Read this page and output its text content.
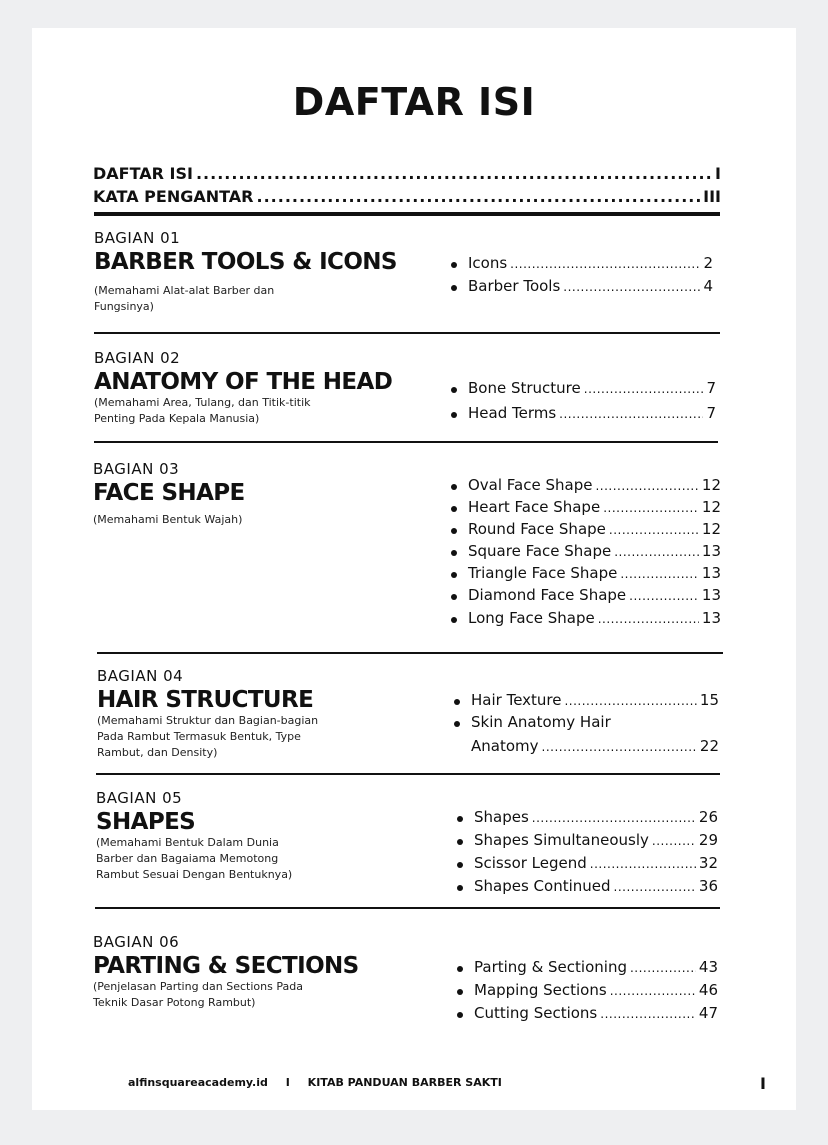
DAFTAR ISI
DAFTAR ISI .....	I
KATA PENGANTAR .....	III
BAGIAN 01
BARBER TOOLS & ICONS
(Memahami Alat-alat Barber dan
Fungsinya)
Icons .....	2
Barber Tools .....	4
BAGIAN 02
ANATOMY OF THE HEAD
(Memahami Area, Tulang, dan Titik-titik
Penting Pada Kepala Manusia)
Bone Structure .....	7
Head Terms .....	7
BAGIAN 03
FACE SHAPE
(Memahami Bentuk Wajah)
Oval Face Shape .....	12
Heart Face Shape .....	12
Round Face Shape .....	12
Square Face Shape .....	13
Triangle Face Shape .....	13
Diamond Face Shape .....	13
Long Face Shape .....	13
BAGIAN 04
HAIR STRUCTURE
(Memahami Struktur dan Bagian-bagian
Pada Rambut Termasuk Bentuk, Type
Rambut, dan Density)
Hair Texture .....	15
Skin Anatomy Hair
Anatomy .....	22
BAGIAN 05
SHAPES
(Memahami Bentuk Dalam Dunia
Barber dan Bagaiama Memotong
Rambut Sesuai Dengan Bentuknya)
Shapes .....	26
Shapes Simultaneously .....	29
Scissor Legend .....	32
Shapes Continued .....	36
BAGIAN 06
PARTING & SECTIONS
(Penjelasan Parting dan Sections Pada
Teknik Dasar Potong Rambut)
Parting & Sectioning .....	43
Mapping Sections .....	46
Cutting Sections .....	47
alfinsquareacademy.id I KITAB PANDUAN BARBER SAKTI	I
